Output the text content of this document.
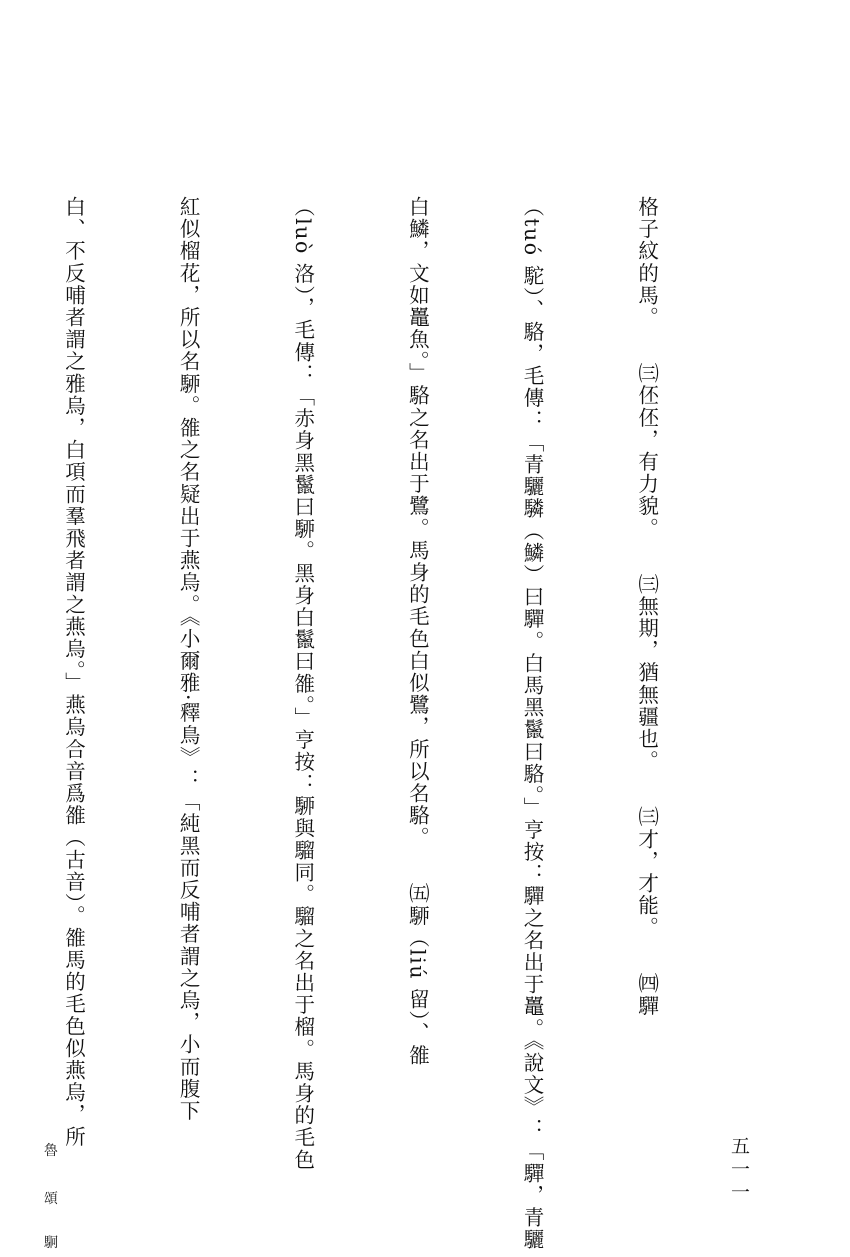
格子紋的馬。　　㈢伾伾，有力貌。　　㈢無期，猶無疆也。　　㈢才，才能。　　㈣驒

（tuó 駝）、駱，毛傳：「青驪驎（鱗）曰驒。白馬黑鬣曰駱。」亨按：驒之名出于鼉。《說文》：「驒，青驪

白鱗，文如鼉魚。」駱之名出于鷺。馬身的毛色白似鷺，所以名駱。　　㈤駵（liú 留）、雒

（luò 洛），毛傳：「赤身黑鬣曰駵。黑身白鬣曰雒。」亨按：駵與騮同。騮之名出于榴。馬身的毛色

紅似榴花，所以名駵。雒之名疑出于燕烏。《小爾雅·釋鳥》：「純黑而反哺者謂之烏，小而腹下

白、不反哺者謂之雅烏，白項而羣飛者謂之燕烏。」燕烏合音爲雒（古音）。雒馬的毛色似燕烏，所

五一一
魯
頌
駉
